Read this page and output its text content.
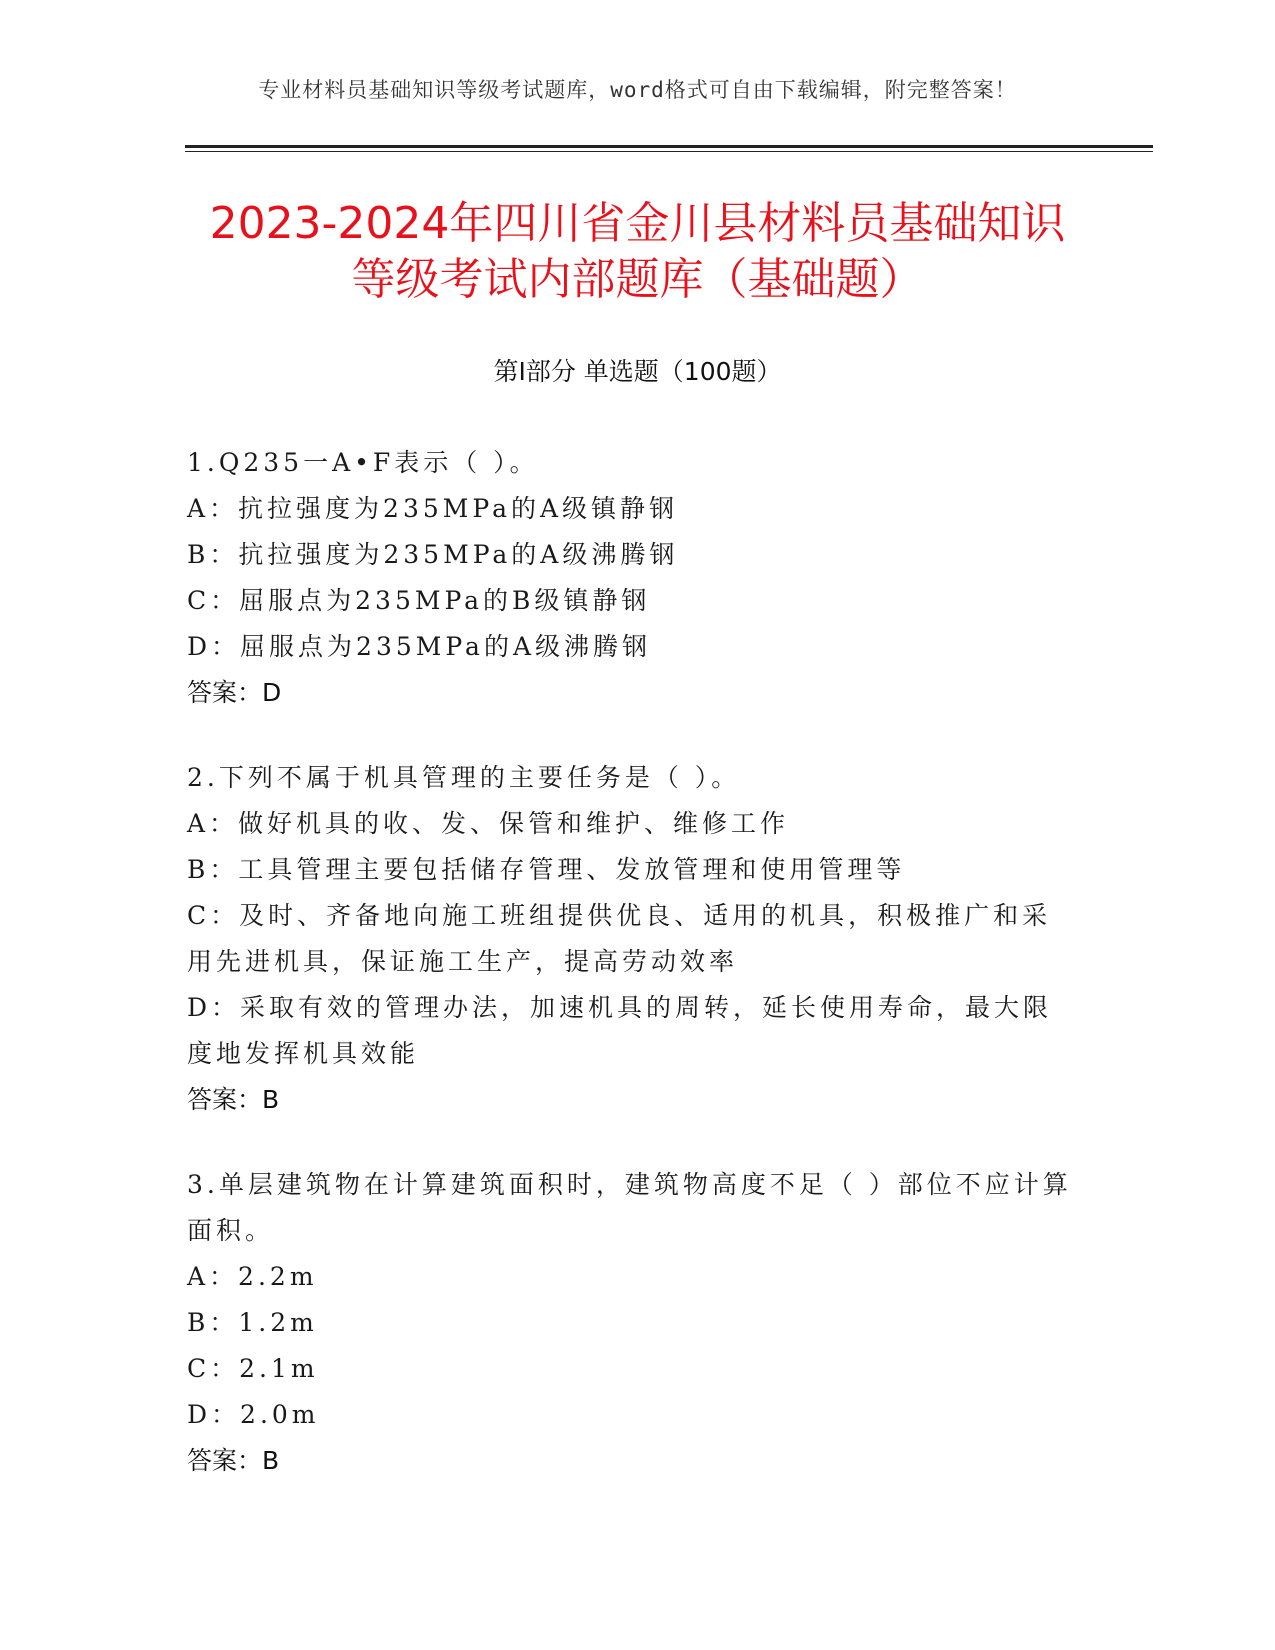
专业材料员基础知识等级考试题库，word格式可自由下载编辑，附完整答案！
2023-2024年四川省金川县材料员基础知识
等级考试内部题库（基础题）
第Ⅰ部分 单选题（100题）
1.Q235一A•F表示（ ）。
A：抗拉强度为235MPa的A级镇静钢
B：抗拉强度为235MPa的A级沸腾钢
C：屈服点为235MPa的B级镇静钢
D：屈服点为235MPa的A级沸腾钢
答案：D
2.下列不属于机具管理的主要任务是（ ）。
A：做好机具的收、发、保管和维护、维修工作
B：工具管理主要包括储存管理、发放管理和使用管理等
C：及时、齐备地向施工班组提供优良、适用的机具，积极推广和采用先进机具，保证施工生产，提高劳动效率
D：采取有效的管理办法，加速机具的周转，延长使用寿命，最大限度地发挥机具效能
答案：B
3.单层建筑物在计算建筑面积时，建筑物高度不足（ ）部位不应计算面积。
A：2.2m
B：1.2m
C：2.1m
D：2.0m
答案：B
